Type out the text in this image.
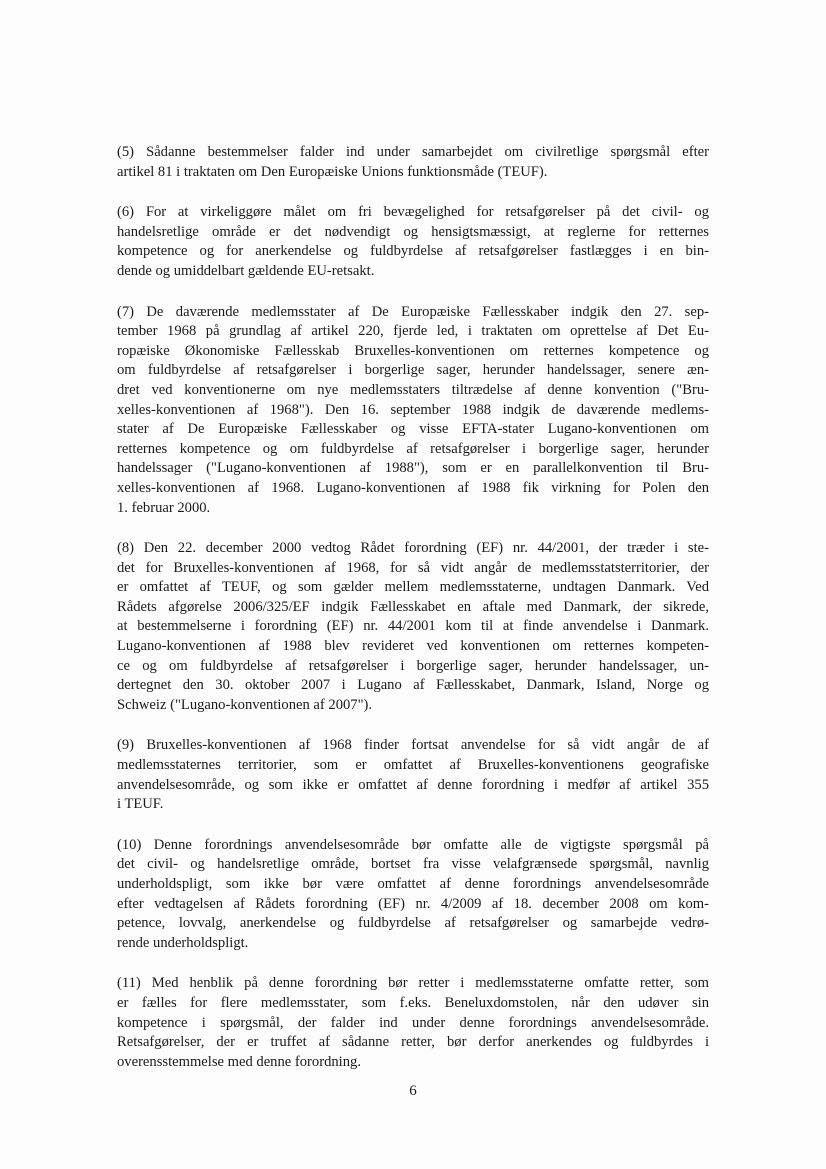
(5) Sådanne bestemmelser falder ind under samarbejdet om civilretlige spørgsmål efter
artikel 81 i traktaten om Den Europæiske Unions funktionsmåde (TEUF).

(6) For at virkeliggøre målet om fri bevægelighed for retsafgørelser på det civil- og
handelsretlige område er det nødvendigt og hensigtsmæssigt, at reglerne for retternes
kompetence og for anerkendelse og fuldbyrdelse af retsafgørelser fastlægges i en bin-
dende og umiddelbart gældende EU-retsakt.

(7) De daværende medlemsstater af De Europæiske Fællesskaber indgik den 27. sep-
tember 1968 på grundlag af artikel 220, fjerde led, i traktaten om oprettelse af Det Eu-
ropæiske Økonomiske Fællesskab Bruxelles-konventionen om retternes kompetence og
om fuldbyrdelse af retsafgørelser i borgerlige sager, herunder handelssager, senere æn-
dret ved konventionerne om nye medlemsstaters tiltrædelse af denne konvention ("Bru-
xelles-konventionen af 1968"). Den 16. september 1988 indgik de daværende medlems-
stater af De Europæiske Fællesskaber og visse EFTA-stater Lugano-konventionen om
retternes kompetence og om fuldbyrdelse af retsafgørelser i borgerlige sager, herunder
handelssager ("Lugano-konventionen af 1988"), som er en parallelkonvention til Bru-
xelles-konventionen af 1968. Lugano-konventionen af 1988 fik virkning for Polen den
1. februar 2000.

(8) Den 22. december 2000 vedtog Rådet forordning (EF) nr. 44/2001, der træder i ste-
det for Bruxelles-konventionen af 1968, for så vidt angår de medlemsstatsterritorier, der
er omfattet af TEUF, og som gælder mellem medlemsstaterne, undtagen Danmark. Ved
Rådets afgørelse 2006/325/EF indgik Fællesskabet en aftale med Danmark, der sikrede,
at bestemmelserne i forordning (EF) nr. 44/2001 kom til at finde anvendelse i Danmark.
Lugano-konventionen af 1988 blev revideret ved konventionen om retternes kompeten-
ce og om fuldbyrdelse af retsafgørelser i borgerlige sager, herunder handelssager, un-
dertegnet den 30. oktober 2007 i Lugano af Fællesskabet, Danmark, Island, Norge og
Schweiz ("Lugano-konventionen af 2007").

(9) Bruxelles-konventionen af 1968 finder fortsat anvendelse for så vidt angår de af
medlemsstaternes territorier, som er omfattet af Bruxelles-konventionens geografiske
anvendelsesområde, og som ikke er omfattet af denne forordning i medfør af artikel 355
i TEUF.

(10) Denne forordnings anvendelsesområde bør omfatte alle de vigtigste spørgsmål på
det civil- og handelsretlige område, bortset fra visse velafgrænsede spørgsmål, navnlig
underholdspligt, som ikke bør være omfattet af denne forordnings anvendelsesområde
efter vedtagelsen af Rådets forordning (EF) nr. 4/2009 af 18. december 2008 om kom-
petence, lovvalg, anerkendelse og fuldbyrdelse af retsafgørelser og samarbejde vedrø-
rende underholdspligt.

(11) Med henblik på denne forordning bør retter i medlemsstaterne omfatte retter, som
er fælles for flere medlemsstater, som f.eks. Beneluxdomstolen, når den udøver sin
kompetence i spørgsmål, der falder ind under denne forordnings anvendelsesområde.
Retsafgørelser, der er truffet af sådanne retter, bør derfor anerkendes og fuldbyrdes i
overensstemmelse med denne forordning.

6
